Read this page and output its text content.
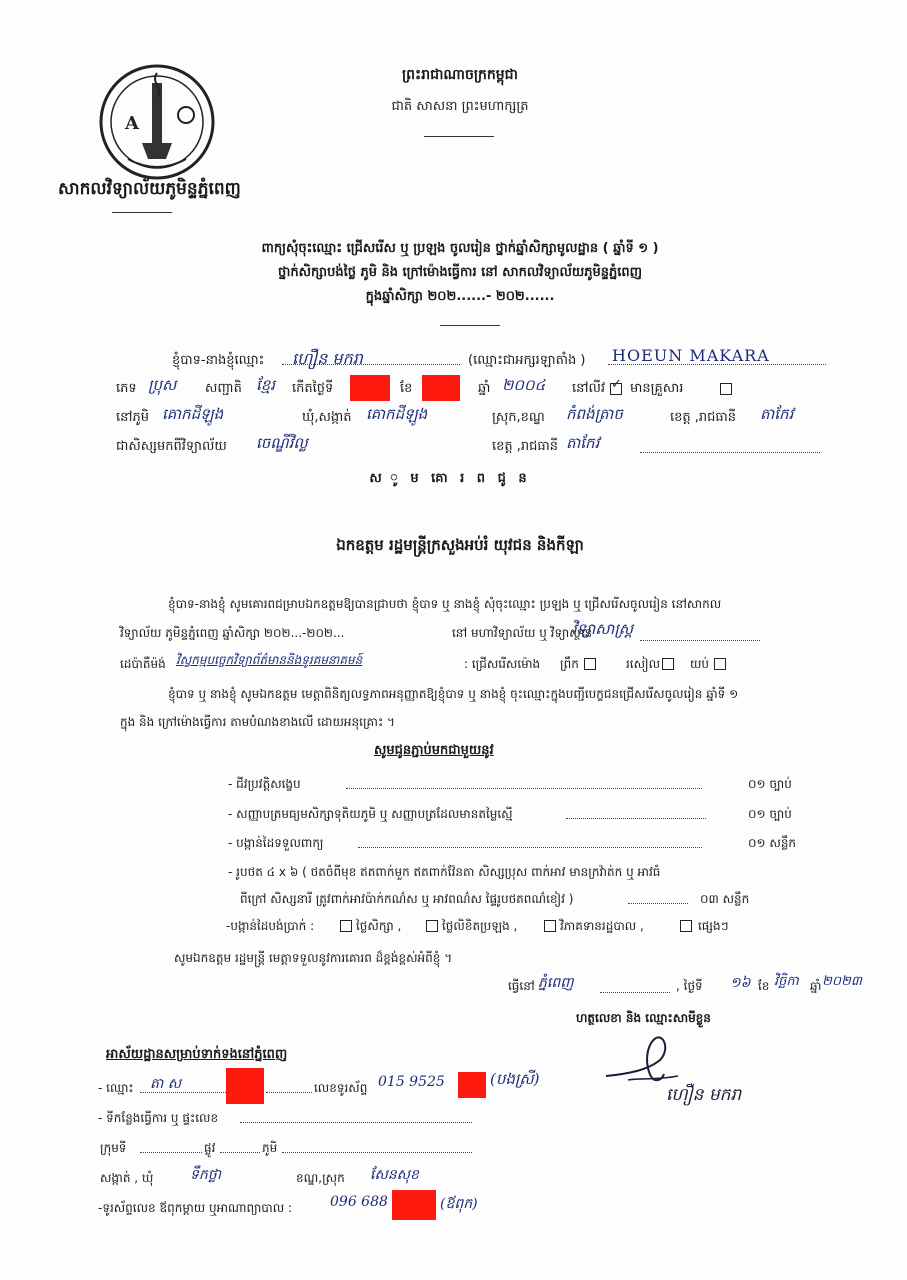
A
សាកលវិទ្យាល័យភូមិន្ទភ្នំពេញ
ព្រះរាជាណាចក្រកម្ពុជា
ជាតិ សាសនា ព្រះមហាក្សត្រ
ពាក្យសុំចុះឈ្មោះ ជ្រើសរើស ឬ ប្រឡង ចូលរៀន ថ្នាក់ឆ្នាំសិក្សាមូលដ្ឋាន ( ឆ្នាំទី ១ )
ថ្នាក់សិក្សាបង់ថ្លៃ ភូមិ និង ក្រៅម៉ោងធ្វើការ នៅ សាកលវិទ្យាល័យភូមិន្ទភ្នំពេញ
ក្នុងឆ្នាំសិក្សា ២០២......- ២០២......
ខ្ញុំបាទ-នាងខ្ញុំឈ្មោះ ហឿន មករា	(ឈ្មោះជាអក្សរឡាតាំង ) HOEUN MAKARA
ភេទ ប្រុស សញ្ជាតិ ខ្មែរ កើតថ្ងៃទី	ខែ	ឆ្នាំ ២០០៤ នៅលីវ ✓ មានគ្រួសារ
នៅភូមិ គោកដីឡូង	ឃុំ,សង្កាត់ គោកដីឡូង	ស្រុក,ខណ្ឌ កំពង់ត្រាច	ខេត្ត ,រាជធានី តាកែវ
ជាសិស្សមកពីវិទ្យាល័យ ចេណ្ឌីវិល្ល	ខេត្ត ,រាជធានី តាកែវ
ស ូ ម គោ រ ព ជូ ន
ឯកឧត្តម រដ្ឋមន្ត្រីក្រសួងអប់រំ យុវជន និងកីឡា
ខ្ញុំបាទ-នាងខ្ញុំ សូមគោរពជម្រាបឯកឧត្តមឱ្យបានជ្រាបថា ខ្ញុំបាទ ឬ នាងខ្ញុំ សុំចុះឈ្មោះ ប្រឡង ឬ ជ្រើសរើសចូលរៀន នៅសាកល
វិទ្យាល័យ ភូមិន្ទភ្នំពេញ ឆ្នាំសិក្សា ២០២...-២០២...	នៅ មហាវិទ្យាល័យ ឬ វិទ្យាស្ថាន
វិទ្យាសាស្ត្រ
ដេប៉ាតឺម៉ង់ វិស្វកម្មបច្ចេកវិទ្យាព័ត៌មាននិងទូរគមនាគមន៍	: ជ្រើសរើសម៉ោង ព្រឹក	រសៀល យប់
ខ្ញុំបាទ ឬ នាងខ្ញុំ សូមឯកឧត្តម មេត្តាពិនិត្យលទ្ធភាពអនុញ្ញាតឱ្យខ្ញុំបាទ ឬ នាងខ្ញុំ ចុះឈ្មោះក្នុងបញ្ជីបេក្ខជនជ្រើសរើសចូលរៀន ឆ្នាំទី ១
ក្នុង និង ក្រៅម៉ោងធ្វើការ តាមបំណងខាងលើ ដោយអនុគ្រោះ ។
សូមជូនភ្ជាប់មកជាមួយនូវ
- ជីវប្រវត្តិសង្ខេប	០១ ច្បាប់
- សញ្ញាបត្រមធ្យមសិក្សាទុតិយភូមិ ឬ សញ្ញាបត្រដែលមានតម្លៃស្មើ	០១ ច្បាប់
- បង្កាន់ដៃទទួលពាក្យ	០១ សន្លឹក
- រូបថត ៤ x ៦ ( ថតចំពីមុខ ឥតពាក់មួក ឥតពាក់វ៉ែនតា សិស្សប្រុស ពាក់អាវ មានក្រវ៉ាត់ក ឬ អាវធំ
ពីក្រៅ សិស្សនារី ត្រូវពាក់អាវប៉ាក់កណ៌ស ឬ អាវពណ៌ស ផ្ទៃរូបថតពណ៌ខៀវ )	០៣ សន្លឹក
-បង្កាន់ដៃបង់ប្រាក់ :	ថ្លៃសិក្សា ,	ថ្លៃលិខិតប្រឡង ,	វិភាគទានរដ្ឋបាល ,	ផ្សេងៗ
សូមឯកឧត្តម រដ្ឋមន្ត្រី មេត្តាទទួលនូវការគោរព ដ៏ខ្ពង់ខ្ពស់អំពីខ្ញុំ ។
ធ្វើនៅ ភ្នំពេញ	, ថ្ងៃទី ១៦ ខែ វិច្ឆិកា ឆ្នាំ ២០២៣
ហត្ថលេខា និង ឈ្មោះសាមីខ្លួន
ហឿន មករា
អាស័យដ្ឋានសម្រាប់ទាក់ទងនៅភ្នំពេញ
- ឈ្មោះ តា ស	លេខទូរស័ព្ទ 015 9525	(បងស្រី)
- ទីកន្លែងធ្វើការ ឬ ផ្ទះលេខ
ក្រុមទី	ផ្លូវ	ភូមិ
សង្កាត់ , ឃុំ	ទឹកថ្លា	ខណ្ឌ,ស្រុក សែនសុខ
-ទូរស័ព្ទលេខ ឪពុកម្តាយ ឬអាណាព្យាបាល :	096 688	(ឪពុក)
